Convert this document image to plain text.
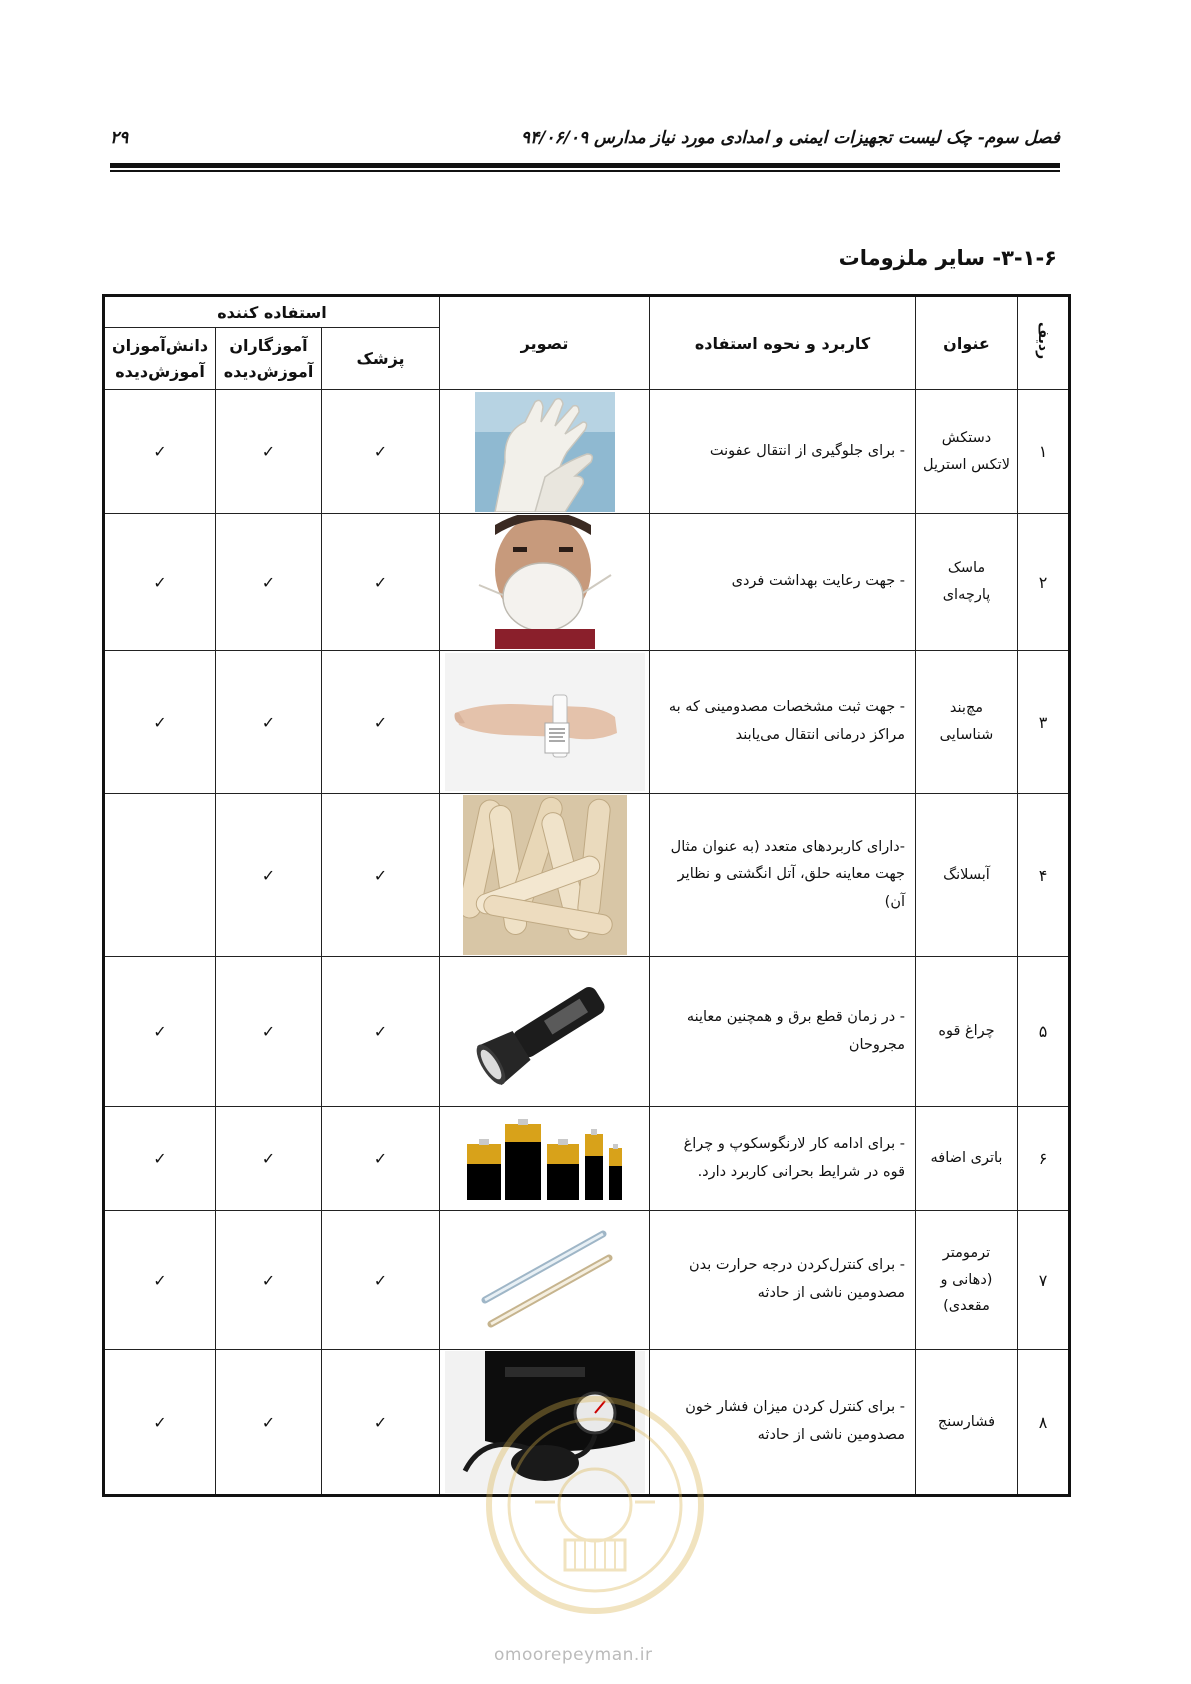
فصل سوم- چک لیست تجهیزات ایمنی و امدادی مورد نیاز مدارس ۹۴/۰۶/۰۹
۲۹
۳-۱-۶- سایر ملزومات
ردیف	عنوان	کاربرد و نحوه استفاده	تصویر	استفاده کننده		
				پزشک	آموزگاران آموزش‌دیده	دانش‌آموزان آموزش‌دیده
۱	دستکش لاتکس استریل	- برای جلوگیری از انتقال عفونت		✓	✓	✓
۲	ماسک پارچه‌ای	- جهت رعایت بهداشت فردی		✓	✓	✓
۳	مچ‌بند شناسایی	- جهت ثبت مشخصات مصدومینی که به مراکز درمانی انتقال می‌یابند		✓	✓	✓
۴	آبسلانگ	-دارای کاربردهای متعدد (به عنوان مثال جهت معاینه حلق، آتل انگشتی و نظایر آن)		✓	✓	
۵	چراغ قوه	- در زمان قطع برق و همچنین معاینه مجروحان		✓	✓	✓
۶	باتری اضافه	- برای ادامه کار لارنگوسکوپ و چراغ قوه در شرایط بحرانی کاربرد دارد.		✓	✓	✓
۷	ترمومتر (دهانی و مقعدی)	- برای کنترل‌کردن درجه حرارت بدن مصدومین ناشی از حادثه		✓	✓	✓
۸	فشارسنج	- برای کنترل کردن میزان فشار خون مصدومین ناشی از حادثه		✓	✓	✓
omoorepeyman.ir
